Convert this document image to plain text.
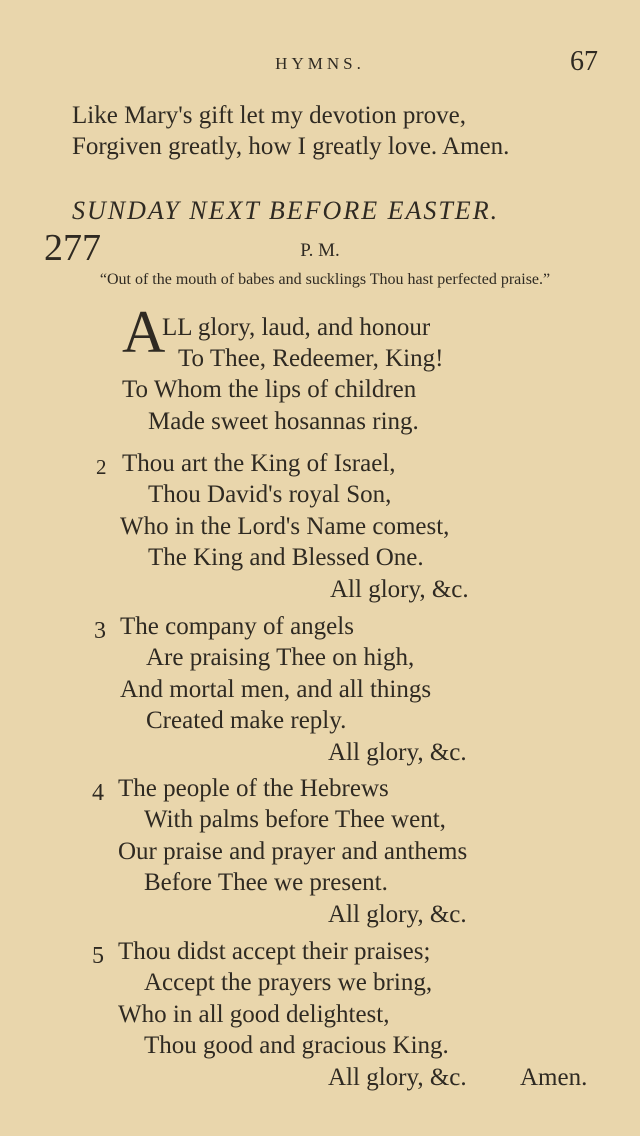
HYMNS.	67
Like Mary's gift let my devotion prove,
Forgiven greatly, how I greatly love. Amen.
SUNDAY NEXT BEFORE EASTER.
277	P. M.
“Out of the mouth of babes and sucklings Thou hast perfected praise.”
A
LL glory, laud, and honour
To Thee, Redeemer, King!
To Whom the lips of children
Made sweet hosannas ring.
2 Thou art the King of Israel,
Thou David's royal Son,
Who in the Lord's Name comest,
The King and Blessed One.
All glory, &c.
3 The company of angels
Are praising Thee on high,
And mortal men, and all things
Created make reply.
All glory, &c.
4 The people of the Hebrews
With palms before Thee went,
Our praise and prayer and anthems
Before Thee we present.
All glory, &c.
5 Thou didst accept their praises;
Accept the prayers we bring,
Who in all good delightest,
Thou good and gracious King.
All glory, &c. Amen.
